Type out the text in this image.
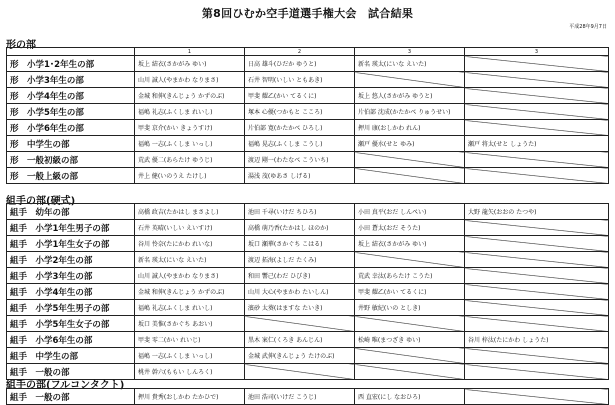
第8回ひむか空手道選手権大会　試合結果
平成28年9月7日
形の部
	1	2	3	3
形　小学1･2年生の部	坂上 結衣(さかがみ ゆい)	日高 雄斗(ひだか ゆうと)	新名 瑛太(にいな えいた)	
形　小学3年生の部	山川 誠人(やまかわ なりまさ)	石井 智明(いしい ともあき)		
形　小学4年生の部	金城 和伸(きんじょう かずのぶ)	甲斐 耀乙(かい てるくに)	坂上 悠人(さかがみ ゆうと)	
形　小学5年生の部	福嶋 礼志(ふくしま れいし)	塚本 心優(つかもと こころ)	片伯部 沈成(かたかべ りゅうせい)	
形　小学6年生の部	甲斐 京介(かい きょうすけ)	片伯部 寛(かたかべ ひろし)	押川 康(おしかわ れん)	
形　中学生の部	福嶋 一志(ふくしま いっし)	福嶋 晃志(ふくしま こうし)	瀬戸 優水(せと ゆみ)	瀬戸 将太(せと しょうた)
形　一般初級の部	荒武 優二(あらたけ ゆうじ)	渡辺 剛一(わたなべ こういち)		
形　一般上級の部	井上 健(いのうえ たけし)	湯浅 茂(ゆあさ しげる)		
組手の部(硬式)
組手　幼年の部	高橋 政吉(たかはし まさよし)	池田 千尋(いけだ ちひろ)	小田 真平(おだ しんぺい)	大野 龍矢(おおの たつや)
組手　小学1年生男子の部	石井 英晴(いしい えいすけ)	高橋 萌乃香(たかはし ほのか)	小田 蒼太(おだ そうた)	
組手　小学1年生女子の部	谷川 怜奈(たにかわ れいな)	坂口 瀬華(さかぐち こはる)	坂上 結衣(さかがみ ゆい)	
組手　小学2年生の部	新名 瑛太(にいな えいた)	渡辺 拓海(よしだ たくみ)		
組手　小学3年生の部	山川 誠人(やまかわ なりまさ)	和田 響己(わだ ひびき)	荒武 幸汰(あらたけ こうた)	
組手　小学4年生の部	金城 和伸(きんじょう かずのぶ)	山川 大心(やまかわ たいしん)	甲斐 耀乙(かい てるくに)	
組手　小学5年生男子の部	福嶋 礼志(ふくしま れいし)	濱砂 太葵(はますな たいき)	井野 敏紀(いの としき)	
組手　小学5年生女子の部	坂口 美惟(さかぐち あおい)			
組手　小学6年生の部	甲斐 零二(かい れいじ)	黒木 案仁(くろき あんじん)	松崎 唯(まつざき ゆい)	谷川 梓汰(たにかわ しょうた)
組手　中学生の部	福嶋 一志(ふくしま いっし)	金城 武伸(きんじょう たけのぶ)		
組手　一般の部	桃井 幹六(ももい しんろく)			
組手の部(フルコンタクト)
組手　一般の部	押川 貴秀(おしかわ たかひで)	池田 浩司(いけだ こうじ)	西 直宏(にし なおひろ)	
